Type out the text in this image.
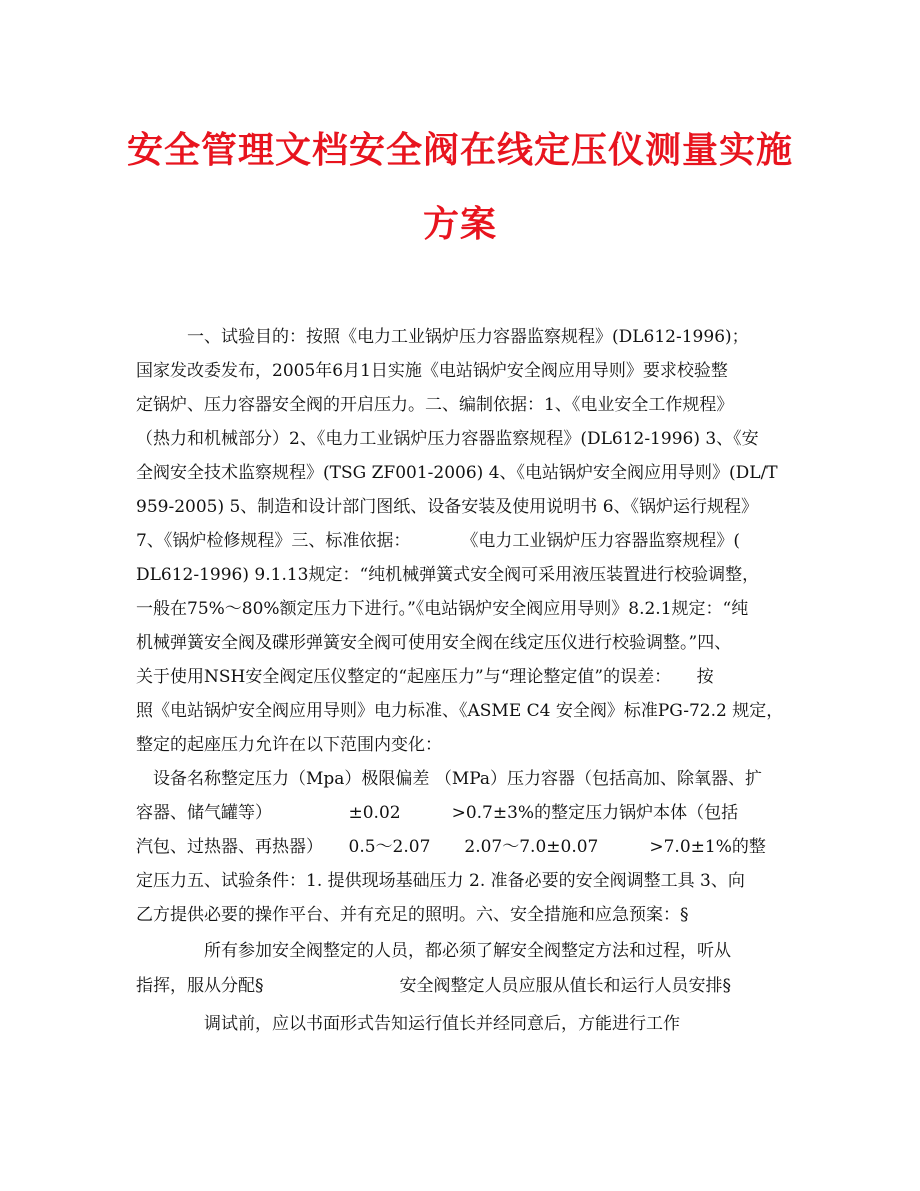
安全管理文档安全阀在线定压仪测量实施
方案
　　　一、试验目的：按照《电力工业锅炉压力容器监察规程》(DL612-1996)；
国家发改委发布，2005年6月1日实施《电站锅炉安全阀应用导则》要求校验整
定锅炉、压力容器安全阀的开启压力。二、编制依据：1、《电业安全工作规程》
（热力和机械部分）2、《电力工业锅炉压力容器监察规程》(DL612-1996) 3、《安
全阀安全技术监察规程》(TSG ZF001-2006) 4、《电站锅炉安全阀应用导则》(DL/T
959-2005) 5、制造和设计部门图纸、设备安装及使用说明书 6、《锅炉运行规程》
7、《锅炉检修规程》三、标准依据：　　　　《电力工业锅炉压力容器监察规程》(
DL612-1996) 9.1.13规定：“纯机械弹簧式安全阀可采用液压装置进行校验调整，
一般在75%～80%额定压力下进行。”《电站锅炉安全阀应用导则》8.2.1规定：“纯
机械弹簧安全阀及碟形弹簧安全阀可使用安全阀在线定压仪进行校验调整。”四、
关于使用NSH安全阀定压仪整定的“起座压力”与“理论整定值”的误差：　　按
照《电站锅炉安全阀应用导则》电力标准、《ASME C4 安全阀》标准PG-72.2 规定，
整定的起座压力允许在以下范围内变化：
　设备名称整定压力（Mpa）极限偏差 （MPa）压力容器（包括高加、除氧器、扩
容器、储气罐等）　　　　　±0.02　　　>0.7±3%的整定压力锅炉本体（包括
汽包、过热器、再热器）　　0.5～2.07　　2.07～7.0±0.07　　　>7.0±1%的整
定压力五、试验条件：1. 提供现场基础压力 2. 准备必要的安全阀调整工具 3、向
乙方提供必要的操作平台、并有充足的照明。六、安全措施和应急预案：§
　　　　所有参加安全阀整定的人员，都必须了解安全阀整定方法和过程，听从
指挥，服从分配§　　　　　　　　安全阀整定人员应服从值长和运行人员安排§
　　　　调试前，应以书面形式告知运行值长并经同意后，方能进行工作
